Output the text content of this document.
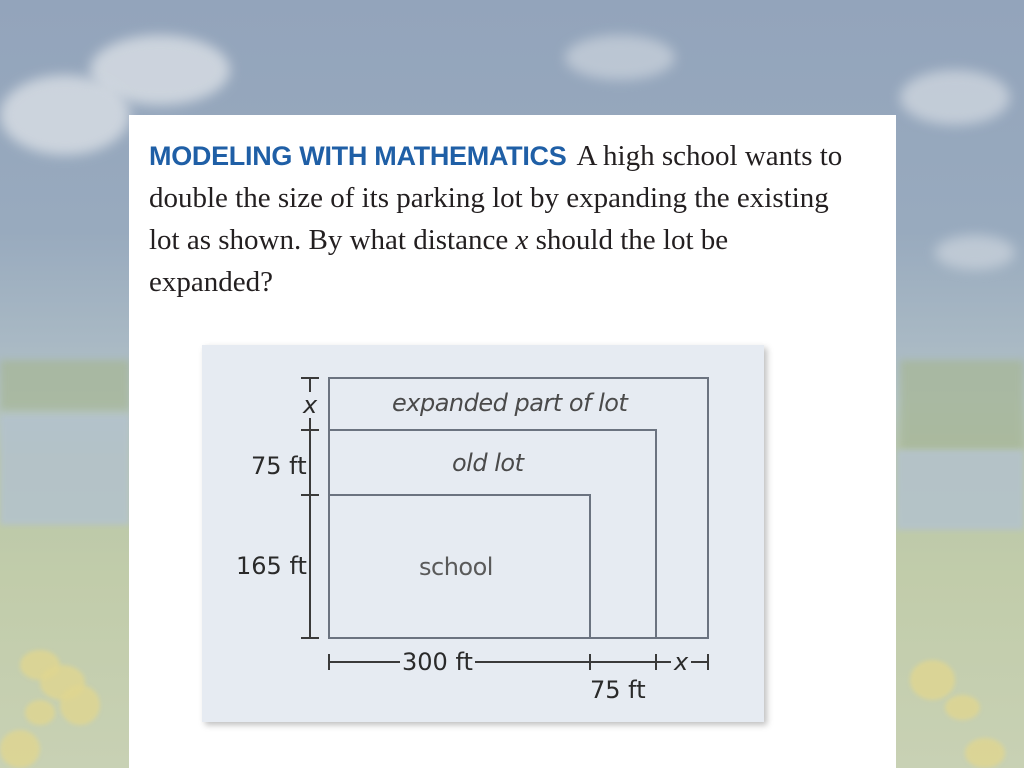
MODELING WITH MATHEMATICS A high school wants to double the size of its parking lot by expanding the existing lot as shown. By what distance x should the lot be expanded?
expanded part of lot
old lot
school
x
75 ft
165 ft
300 ft
75 ft
x
